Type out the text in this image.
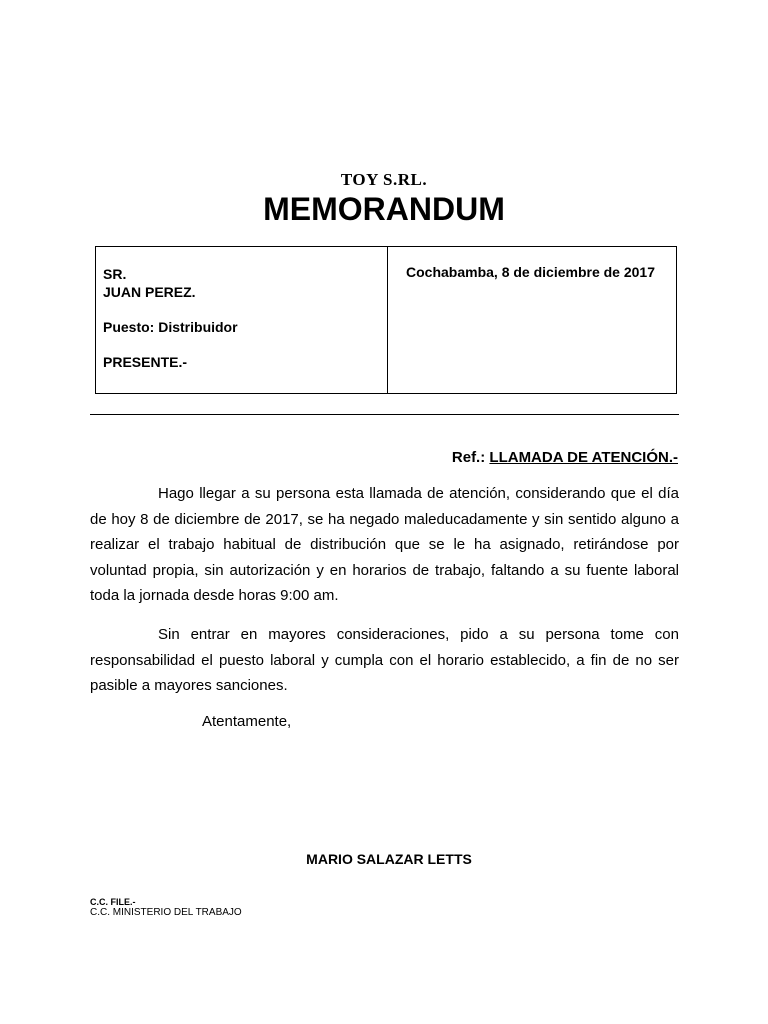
TOY S.RL.
MEMORANDUM
SR.
JUAN PEREZ.
Puesto: Distribuidor
PRESENTE.-
Cochabamba, 8 de diciembre de 2017
Ref.: LLAMADA DE ATENCIÓN.-

Hago llegar a su persona esta llamada de atención, considerando que el día de hoy 8 de diciembre de 2017, se ha negado maleducadamente y sin sentido alguno a realizar el trabajo habitual de distribución que se le ha asignado, retirándose por voluntad propia, sin autorización y en horarios de trabajo, faltando a su fuente laboral toda la jornada desde horas 9:00 am.

Sin entrar en mayores consideraciones, pido a su persona tome con responsabilidad el puesto laboral y cumpla con el horario establecido, a fin de no ser pasible a mayores sanciones.

Atentamente,
MARIO SALAZAR LETTS
C.C. FILE.-
C.C. MINISTERIO DEL TRABAJO
